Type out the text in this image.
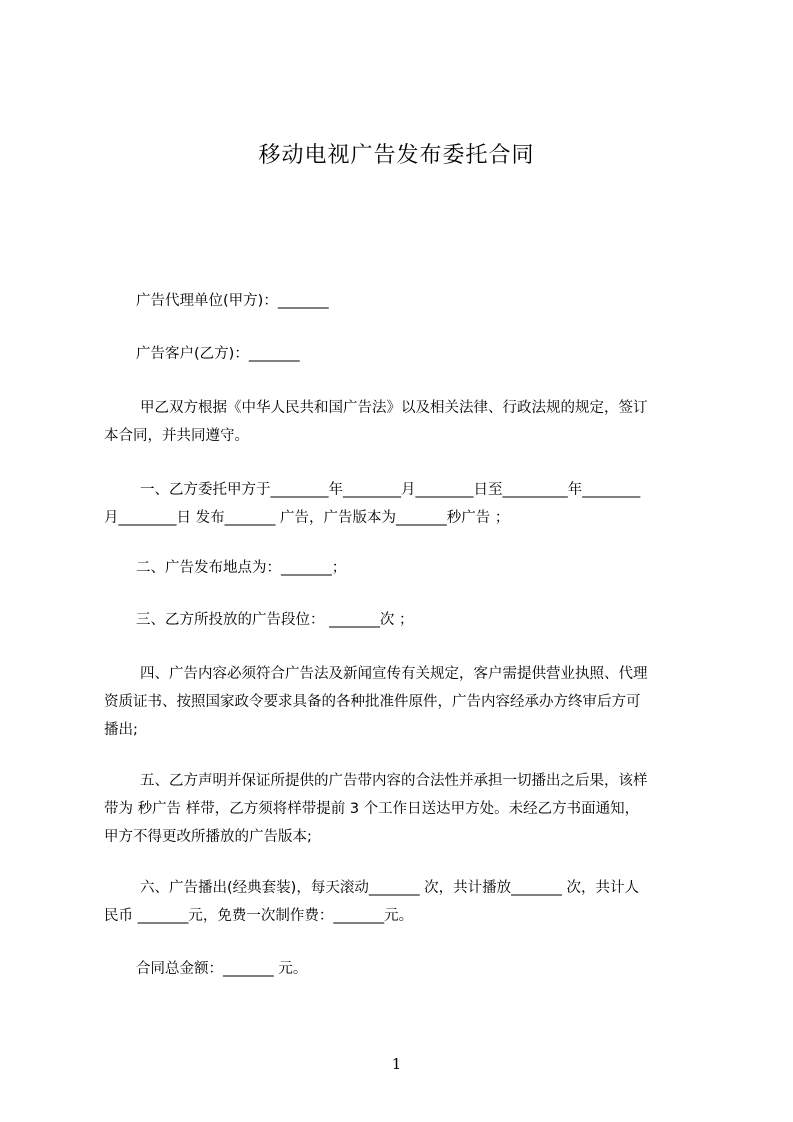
移动电视广告发布委托合同
广告代理单位(甲方)：_______
广告客户(乙方)：_______
甲乙双方根据《中华人民共和国广告法》以及相关法律、行政法规的规定，签订
本合同，并共同遵守。
一、乙方委托甲方于________年________月________日至_________年________
月________日 发布_______ 广告，广告版本为_______秒广告 ；
二、广告发布地点为：_______；
三、乙方所投放的广告段位： _______次 ；
四、广告内容必须符合广告法及新闻宣传有关规定，客户需提供营业执照、代理
资质证书、按照国家政令要求具备的各种批准件原件，广告内容经承办方终审后方可
播出;
五、乙方声明并保证所提供的广告带内容的合法性并承担一切播出之后果，该样
带为 秒广告 样带，乙方须将样带提前 3 个工作日送达甲方处。未经乙方书面通知，
甲方不得更改所播放的广告版本;
六、广告播出(经典套装)，每天滚动_______ 次，共计播放_______ 次，共计人
民币 _______元，免费一次制作费：_______元。
合同总金额：_______ 元。
1
